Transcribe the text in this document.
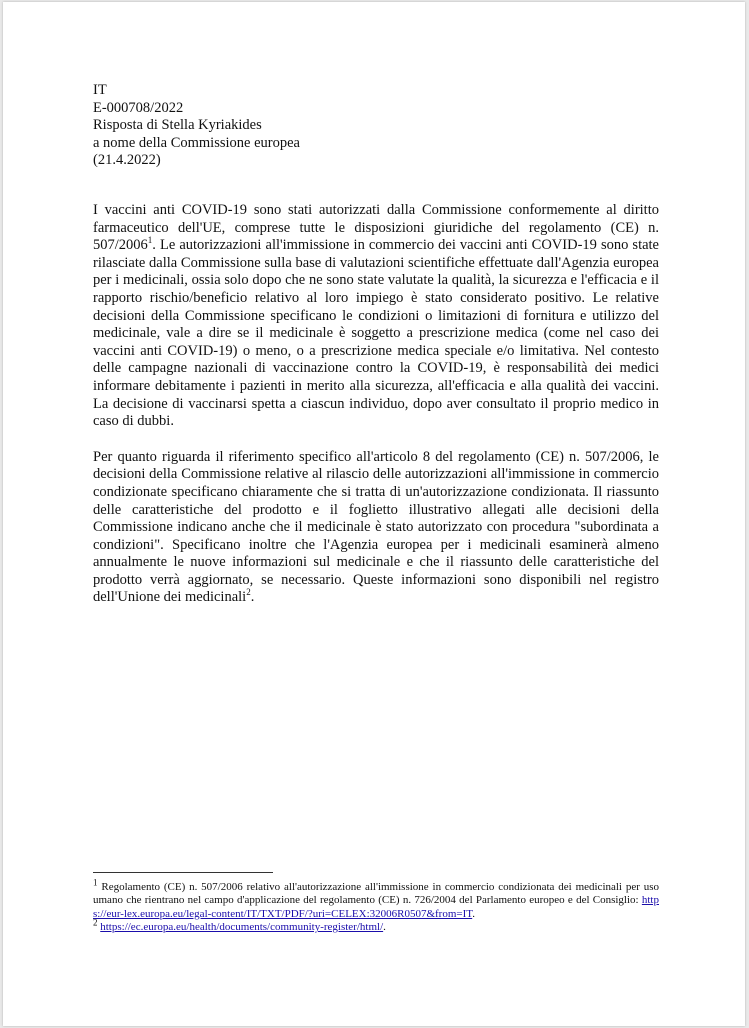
IT
E-000708/2022
Risposta di Stella Kyriakides
a nome della Commissione europea
(21.4.2022)

I vaccini anti COVID-19 sono stati autorizzati dalla Commissione conformemente al diritto farmaceutico dell'UE, comprese tutte le disposizioni giuridiche del regolamento (CE) n. 507/2006$^1$. Le autorizzazioni all'immissione in commercio dei vaccini anti COVID-19 sono state rilasciate dalla Commissione sulla base di valutazioni scientifiche effettuate dall'Agenzia europea per i medicinali, ossia solo dopo che ne sono state valutate la qualità, la sicurezza e l'efficacia e il rapporto rischio/beneficio relativo al loro impiego è stato considerato positivo. Le relative decisioni della Commissione specificano le condizioni o limitazioni di fornitura e utilizzo del medicinale, vale a dire se il medicinale è soggetto a prescrizione medica (come nel caso dei vaccini anti COVID-19) o meno, o a prescrizione medica speciale e/o limitativa. Nel contesto delle campagne nazionali di vaccinazione contro la COVID-19, è responsabilità dei medici informare debitamente i pazienti in merito alla sicurezza, all'efficacia e alla qualità dei vaccini. La decisione di vaccinarsi spetta a ciascun individuo, dopo aver consultato il proprio medico in caso di dubbi.

Per quanto riguarda il riferimento specifico all'articolo 8 del regolamento (CE) n. 507/2006, le decisioni della Commissione relative al rilascio delle autorizzazioni all'immissione in commercio condizionate specificano chiaramente che si tratta di un'autorizzazione condizionata. Il riassunto delle caratteristiche del prodotto e il foglietto illustrativo allegati alle decisioni della Commissione indicano anche che il medicinale è stato autorizzato con procedura "subordinata a condizioni". Specificano inoltre che l'Agenzia europea per i medicinali esaminerà almeno annualmente le nuove informazioni sul medicinale e che il riassunto delle caratteristiche del prodotto verrà aggiornato, se necessario. Queste informazioni sono disponibili nel registro dell'Unione dei medicinali$^2$.

$^1$ Regolamento (CE) n. 507/2006 relativo all'autorizzazione all'immissione in commercio condizionata dei medicinali per uso umano che rientrano nel campo d'applicazione del regolamento (CE) n. 726/2004 del Parlamento europeo e del Consiglio: https://eur-lex.europa.eu/legal-content/IT/TXT/PDF/?uri=CELEX:32006R0507&from=IT.

$^2$ https://ec.europa.eu/health/documents/community-register/html/.
